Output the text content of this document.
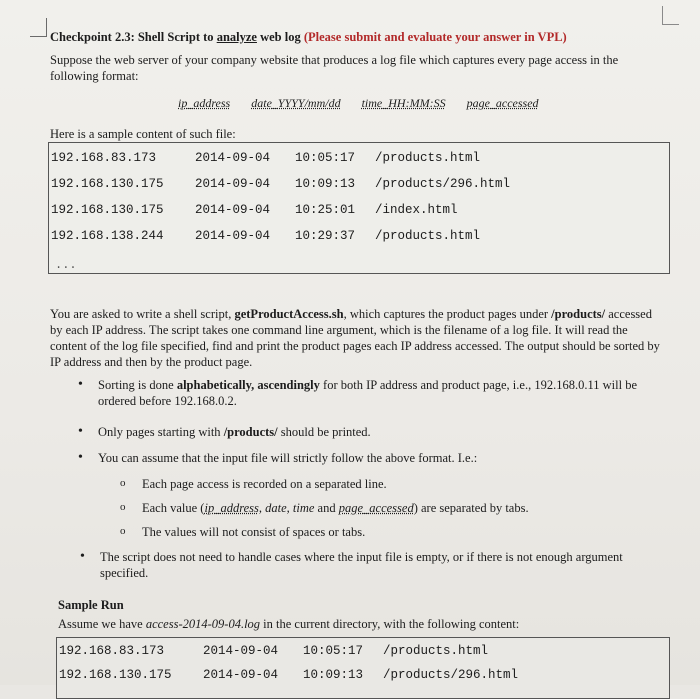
Checkpoint 2.3: Shell Script to analyze web log (Please submit and evaluate your answer in VPL)
Suppose the web server of your company website that produces a log file which captures every page access in the following format:
ip_address date_YYYY/mm/dd time_HH:MM:SS page_accessed
Here is a sample content of such file:
192.168.83.173	2014-09-04 10:05:17 /products.html
192.168.130.175	2014-09-04 10:09:13 /products/296.html
192.168.130.175	2014-09-04 10:25:01 /index.html
192.168.138.244	2014-09-04 10:29:37 /products.html
...
You are asked to write a shell script, getProductAccess.sh, which captures the product pages under /products/ accessed by each IP address. The script takes one command line argument, which is the filename of a log file. It will read the content of the log file specified, find and print the product pages each IP address accessed. The output should be sorted by IP address and then by the product page.
• Sorting is done alphabetically, ascendingly for both IP address and product page, i.e., 192.168.0.11 will be ordered before 192.168.0.2.
• Only pages starting with /products/ should be printed.
• You can assume that the input file will strictly follow the above format. I.e.:
o Each page access is recorded on a separated line.
o Each value (ip_address, date, time and page_accessed) are separated by tabs.
o The values will not consist of spaces or tabs.
• The script does not need to handle cases where the input file is empty, or if there is not enough argument specified.
Sample Run
Assume we have access-2014-09-04.log in the current directory, with the following content:
192.168.83.173	2014-09-04 10:05:17 /products.html
192.168.130.175	2014-09-04 10:09:13 /products/296.html
